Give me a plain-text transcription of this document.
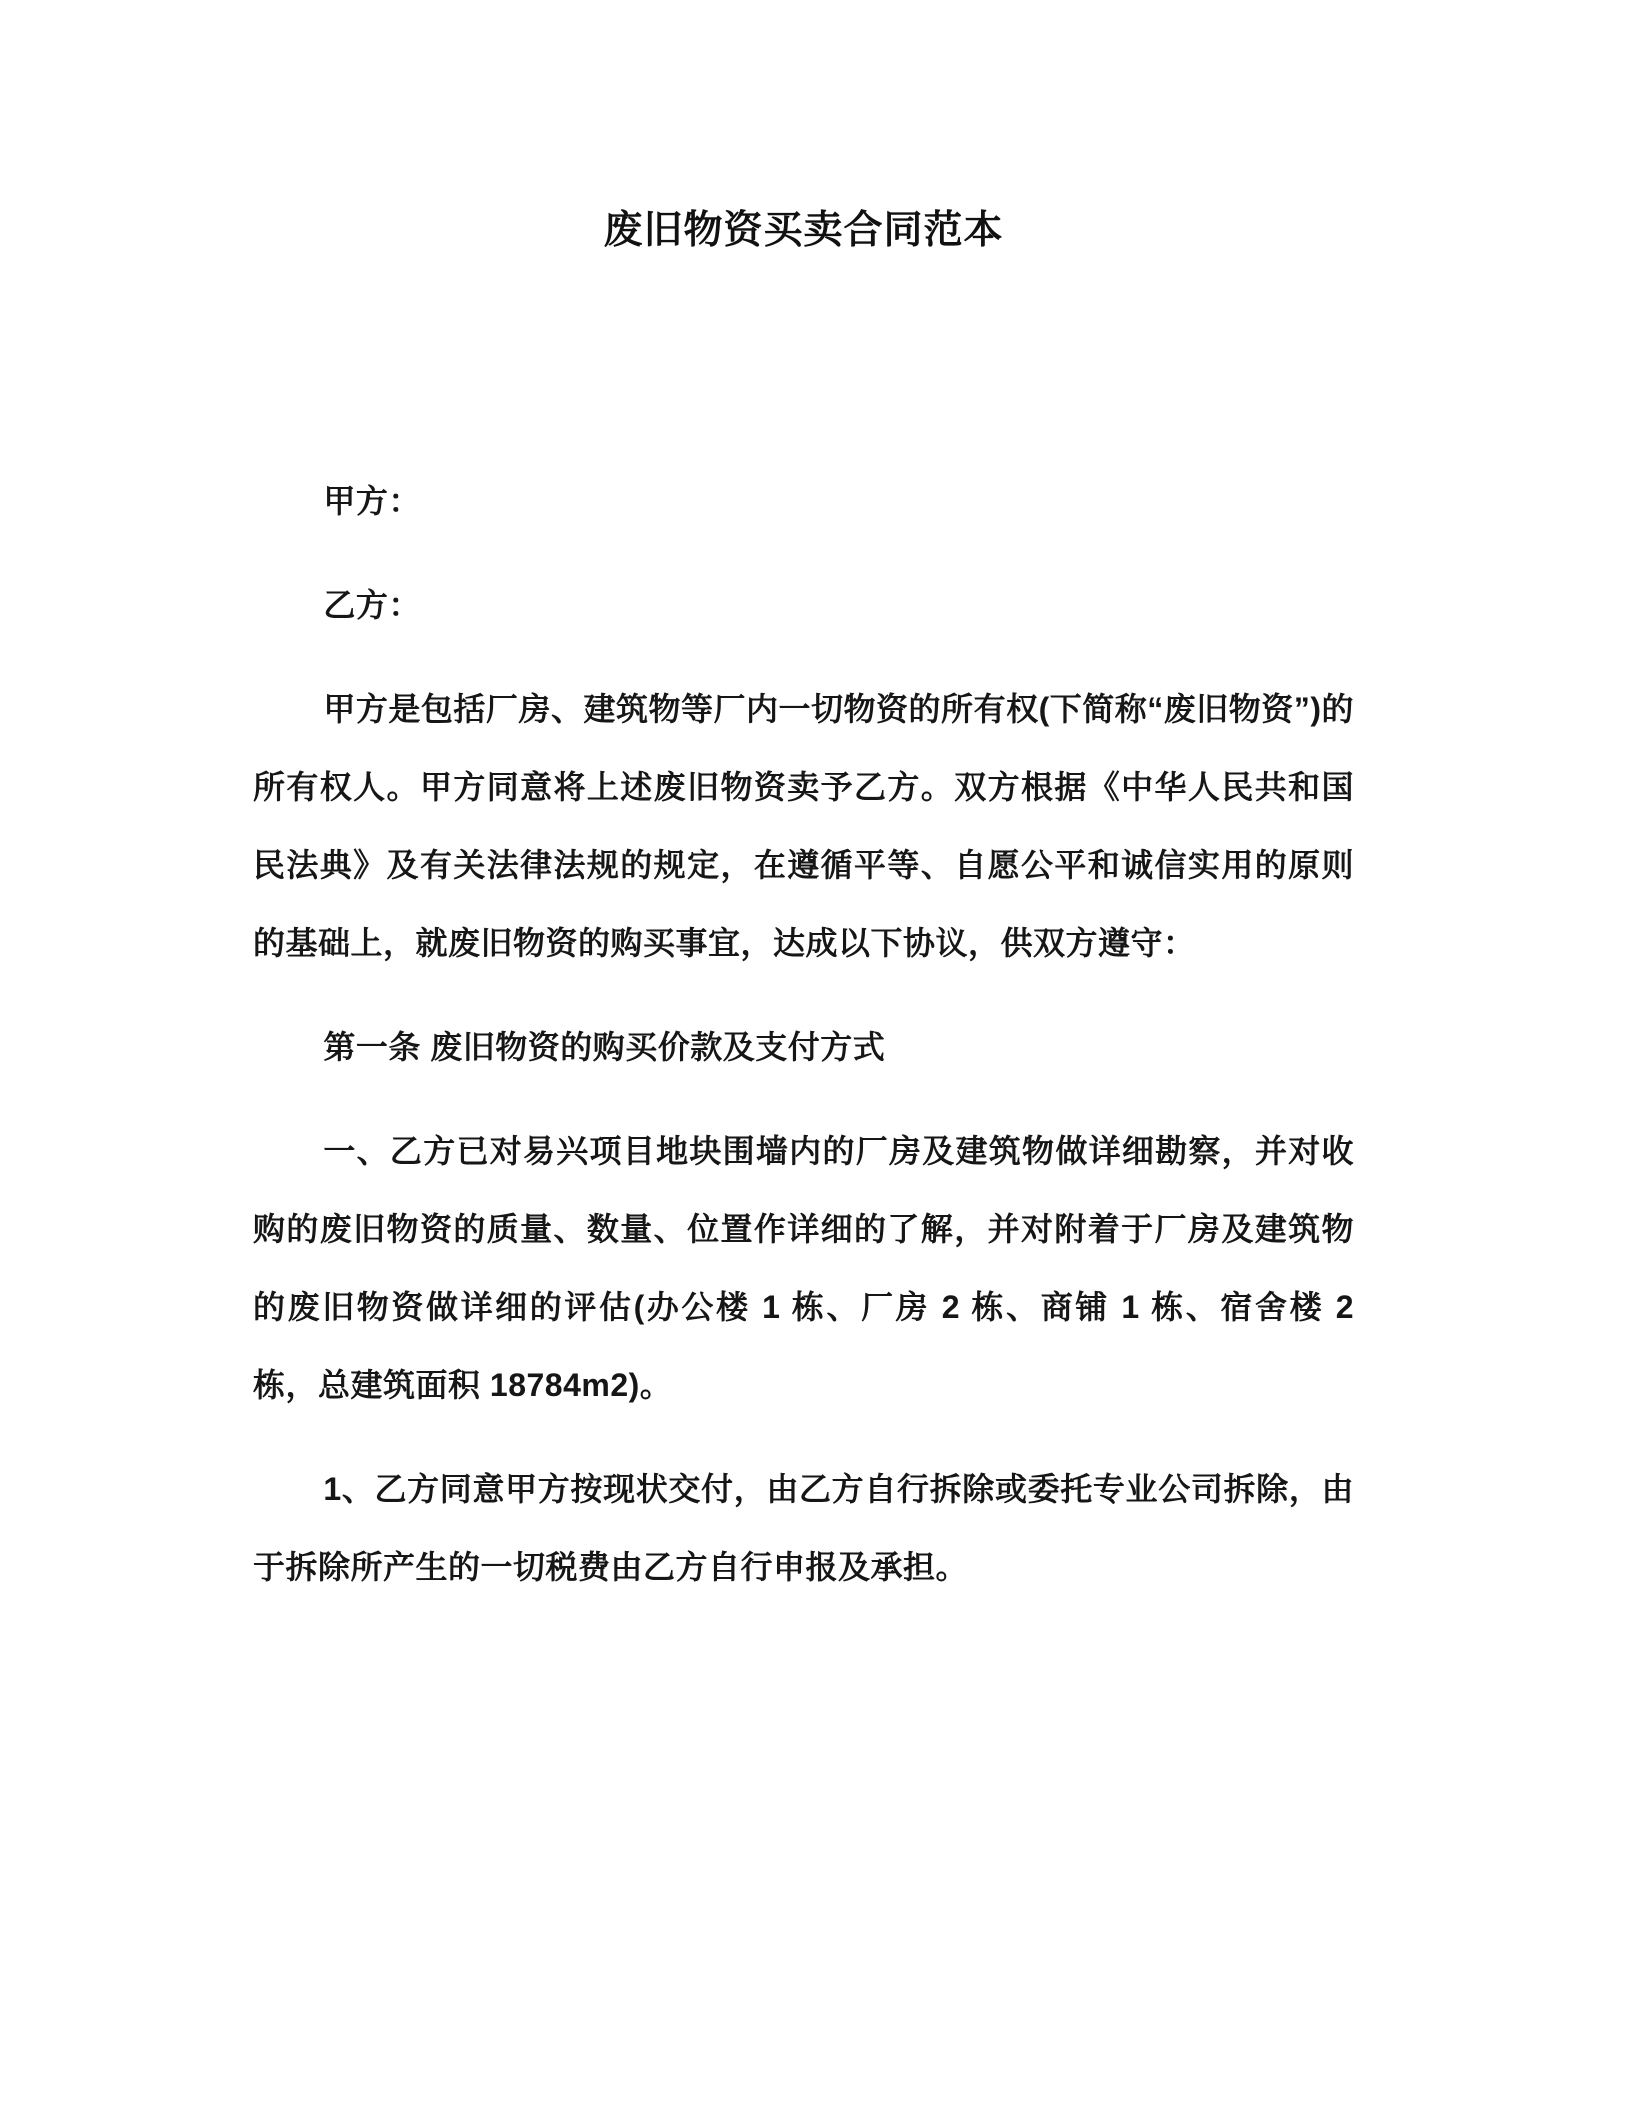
废旧物资买卖合同范本

甲方：

乙方：

甲方是包括厂房、建筑物等厂内一切物资的所有权(下简称“废旧物资”)的所有权人。甲方同意将上述废旧物资卖予乙方。双方根据《中华人民共和国民法典》及有关法律法规的规定，在遵循平等、自愿公平和诚信实用的原则的基础上，就废旧物资的购买事宜，达成以下协议，供双方遵守：

第一条 废旧物资的购买价款及支付方式

一、乙方已对易兴项目地块围墙内的厂房及建筑物做详细勘察，并对收购的废旧物资的质量、数量、位置作详细的了解，并对附着于厂房及建筑物的废旧物资做详细的评估(办公楼 1 栋、厂房 2 栋、商铺 1 栋、宿舍楼 2 栋，总建筑面积 18784m2)。

1、乙方同意甲方按现状交付，由乙方自行拆除或委托专业公司拆除，由于拆除所产生的一切税费由乙方自行申报及承担。
